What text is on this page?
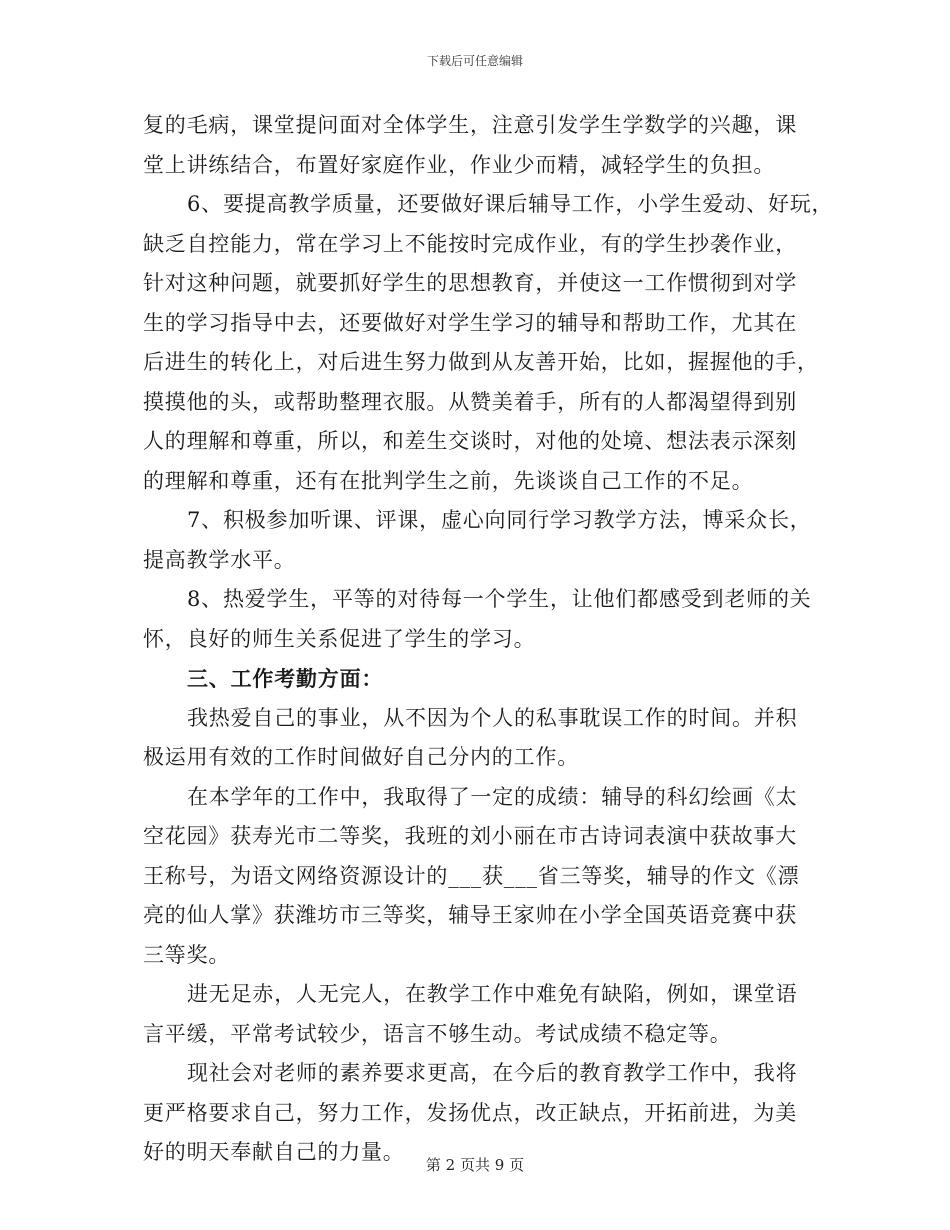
下载后可任意编辑
复的毛病，课堂提问面对全体学生，注意引发学生学数学的兴趣，课
堂上讲练结合，布置好家庭作业，作业少而精，减轻学生的负担。
6、要提高教学质量，还要做好课后辅导工作，小学生爱动、好玩，
缺乏自控能力，常在学习上不能按时完成作业，有的学生抄袭作业，
针对这种问题，就要抓好学生的思想教育，并使这一工作惯彻到对学
生的学习指导中去，还要做好对学生学习的辅导和帮助工作，尤其在
后进生的转化上，对后进生努力做到从友善开始，比如，握握他的手，
摸摸他的头，或帮助整理衣服。从赞美着手，所有的人都渴望得到别
人的理解和尊重，所以，和差生交谈时，对他的处境、想法表示深刻
的理解和尊重，还有在批判学生之前，先谈谈自己工作的不足。
7、积极参加听课、评课，虚心向同行学习教学方法，博采众长，
提高教学水平。
8、热爱学生，平等的对待每一个学生，让他们都感受到老师的关
怀，良好的师生关系促进了学生的学习。
三、工作考勤方面：
我热爱自己的事业，从不因为个人的私事耽误工作的时间。并积
极运用有效的工作时间做好自己分内的工作。
在本学年的工作中，我取得了一定的成绩：辅导的科幻绘画《太
空花园》获寿光市二等奖，我班的刘小丽在市古诗词表演中获故事大
王称号，为语文网络资源设计的___获___省三等奖，辅导的作文《漂
亮的仙人掌》获潍坊市三等奖，辅导王家帅在小学全国英语竞赛中获
三等奖。
进无足赤，人无完人，在教学工作中难免有缺陷，例如，课堂语
言平缓，平常考试较少，语言不够生动。考试成绩不稳定等。
现社会对老师的素养要求更高，在今后的教育教学工作中，我将
更严格要求自己，努力工作，发扬优点，改正缺点，开拓前进，为美
好的明天奉献自己的力量。
第 2 页共 9 页
